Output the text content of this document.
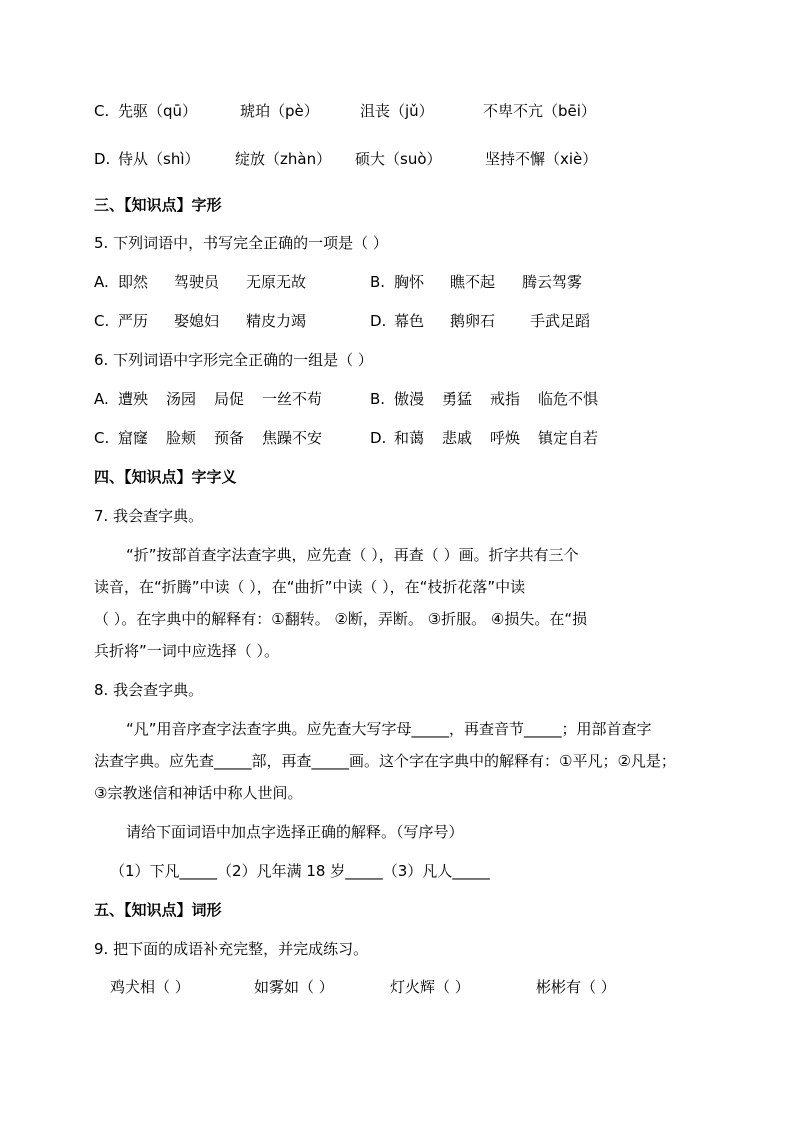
C. 先驱（qū）	琥珀（pè）	沮丧（jǔ）	不卑不亢（bēi）
D. 侍从（shì） 绽放（zhàn） 硕大（suò）	坚持不懈（xiè）
三、【知识点】字形
5. 下列词语中，书写完全正确的一项是（ ）
A. 即然 驾驶员 无原无故	B. 胸怀 瞧不起 腾云驾雾
C. 严历 娶媳妇 精皮力竭	D. 幕色 鹅卵石 手武足蹈
6. 下列词语中字形完全正确的一组是（ ）
A. 遭殃 汤园 局促 一丝不苟	B. 傲漫 勇猛 戒指 临危不惧
C. 窟窿 脸颊 预备 焦躁不安	D. 和蔼 悲戚 呼焕 镇定自若
四、【知识点】字字义
7. 我会查字典。
“折”按部首查字法查字典，应先查（ ），再查（ ）画。折字共有三个
读音，在“折腾”中读（ ），在“曲折”中读（ ），在“枝折花落”中读
（ ）。在字典中的解释有：①翻转。 ②断，弄断。 ③折服。 ④损失。在“损
兵折将”一词中应选择（ ）。
8. 我会查字典。
“凡”用音序查字法查字典。应先查大写字母_____，再查音节_____；用部首查字
法查字典。应先查_____部，再查_____画。这个字在字典中的解释有：①平凡；②凡是；
③宗教迷信和神话中称人世间。
请给下面词语中加点字选择正确的解释。（写序号）
（1）下凡_____（2）凡年满 18 岁_____（3）凡人_____
五、【知识点】词形
9. 把下面的成语补充完整，并完成练习。
鸡犬相（ ）	如雾如（ ）	灯火辉（ ）	彬彬有（ ）
